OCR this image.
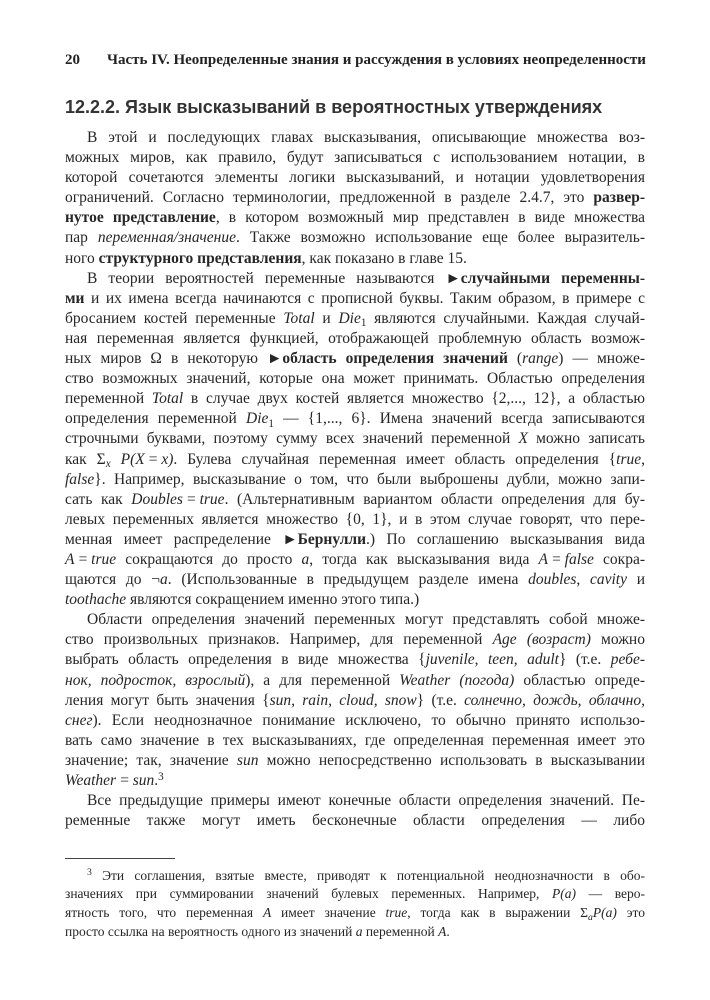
20	Часть IV. Неопределенные знания и рассуждения в условиях неопределенности
12.2.2. Язык высказываний в вероятностных утверждениях

В этой и последующих главах высказывания, описывающие множества воз-
можных миров, как правило, будут записываться с использованием нотации, в
которой сочетаются элементы логики высказываний, и нотации удовлетворения
ограничений. Согласно терминологии, предложенной в разделе 2.4.7, это развер-
нутое представление, в котором возможный мир представлен в виде множества
пар переменная/значение. Также возможно использование еще более выразитель-
ного структурного представления, как показано в главе 15.

В теории вероятностей переменные называются ►случайными переменны-
ми и их имена всегда начинаются с прописной буквы. Таким образом, в примере с
бросанием костей переменные Total и Die$_1$ являются случайными. Каждая случай-
ная переменная является функцией, отображающей проблемную область возмож-
ных миров Ω в некоторую ►область определения значений (range) — множе-
ство возможных значений, которые она может принимать. Областью определения
переменной Total в случае двух костей является множество {2,..., 12}, а областью
определения переменной Die$_1$ — {1,..., 6}. Имена значений всегда записываются
строчными буквами, поэтому сумму всех значений переменной X можно записать
как $\Sigma_x$ P(X = x). Булева случайная переменная имеет область определения {true,
false}. Например, высказывание о том, что были выброшены дубли, можно запи-
сать как Doubles = true. (Альтернативным вариантом области определения для бу-
левых переменных является множество {0, 1}, и в этом случае говорят, что пере-
менная имеет распределение ►Бернулли.) По соглашению высказывания вида
A = true сокращаются до просто a, тогда как высказывания вида A = false сокра-
щаются до ¬a. (Использованные в предыдущем разделе имена doubles, cavity и
toothache являются сокращением именно этого типа.)

Области определения значений переменных могут представлять собой множе-
ство произвольных признаков. Например, для переменной Age (возраст) можно
выбрать область определения в виде множества {juvenile, teen, adult} (т.е. ребе-
нок, подросток, взрослый), а для переменной Weather (погода) областью опреде-
ления могут быть значения {sun, rain, cloud, snow} (т.е. солнечно, дождь, облачно,
снег). Если неоднозначное понимание исключено, то обычно принято использо-
вать само значение в тех высказываниях, где определенная переменная имеет это
значение; так, значение sun можно непосредственно использовать в высказывании
Weather = sun.$^3$

Все предыдущие примеры имеют конечные области определения значений. Пе-
ременные также могут иметь бесконечные области определения — либо

$^3$ Эти соглашения, взятые вместе, приводят к потенциальной неоднозначности в обо-
значениях при суммировании значений булевых переменных. Например, P(a) — веро-
ятность того, что переменная A имеет значение true, тогда как в выражении $\Sigma_aP(a)$ это
просто ссылка на вероятность одного из значений a переменной A.
